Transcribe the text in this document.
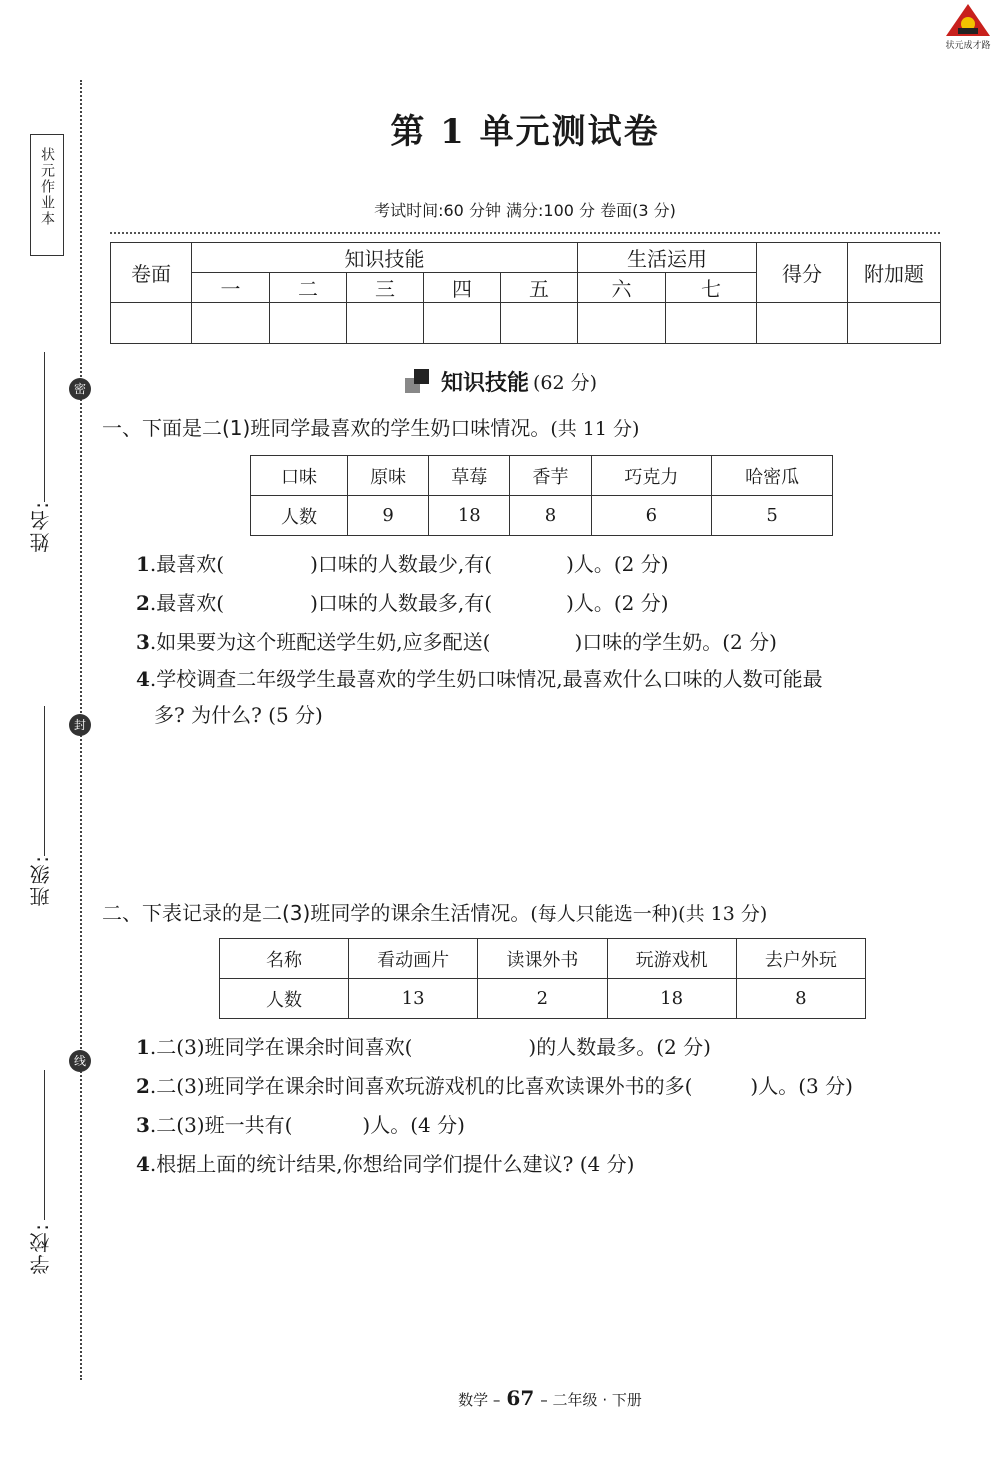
状元作业本
密
封
线
姓名:
班级:
学校:
状元成才路
第 1 单元测试卷
考试时间:60 分钟 满分:100 分 卷面(3 分)
卷面	知识技能					生活运用		得分	附加题
	一	二	三	四	五	六	七		

知识技能 (62 分)
一、下面是二(1)班同学最喜欢的学生奶口味情况。(共 11 分)
口味	原味	草莓	香芋	巧克力	哈密瓜
人数	9	18	8	6	5
1.最喜欢(	)口味的人数最少,有(	)人。(2 分)
2.最喜欢(	)口味的人数最多,有(	)人。(2 分)
3.如果要为这个班配送学生奶,应多配送(	)口味的学生奶。(2 分)
4.学校调查二年级学生最喜欢的学生奶口味情况,最喜欢什么口味的人数可能最
多? 为什么? (5 分)
二、下表记录的是二(3)班同学的课余生活情况。(每人只能选一种)(共 13 分)
名称	看动画片	读课外书	玩游戏机	去户外玩
人数	13	2	18	8
1.二(3)班同学在课余时间喜欢(	)的人数最多。(2 分)
2.二(3)班同学在课余时间喜欢玩游戏机的比喜欢读课外书的多(	)人。(3 分)
3.二(3)班一共有(	)人。(4 分)
4.根据上面的统计结果,你想给同学们提什么建议? (4 分)
数学 – 67 – 二年级 · 下册
